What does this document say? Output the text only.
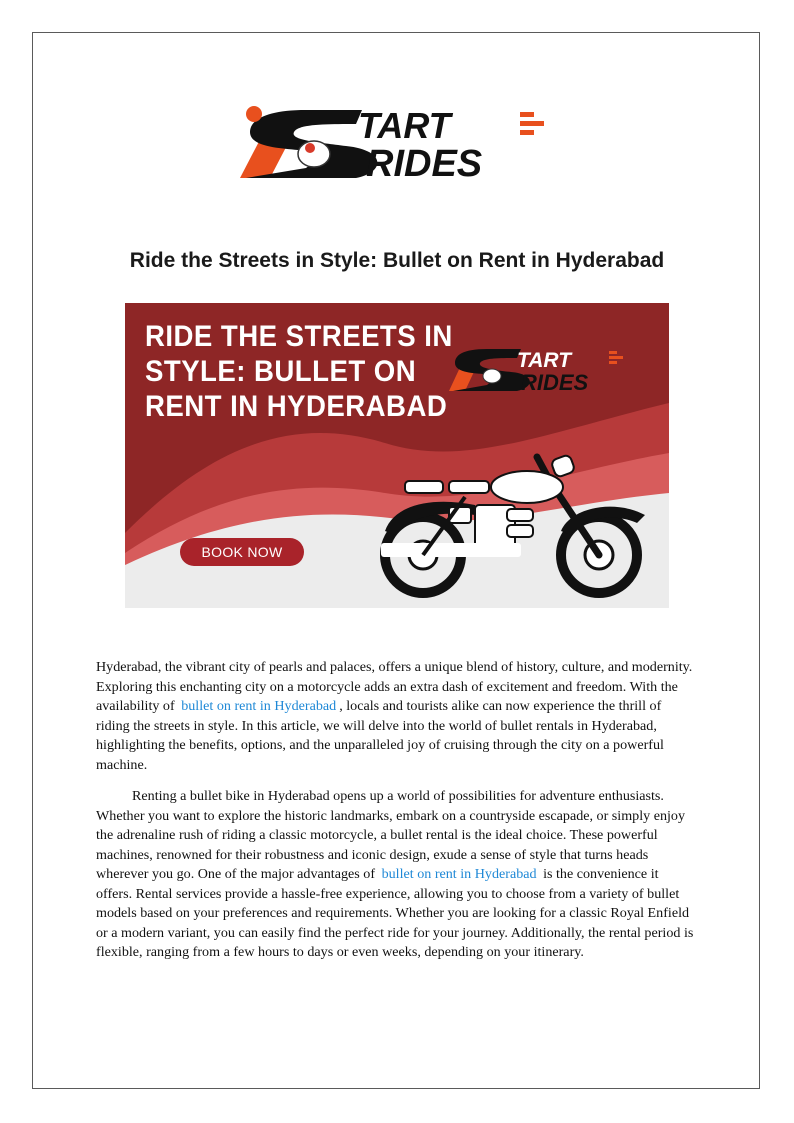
TART
RIDES
Ride the Streets in Style: Bullet on Rent in Hyderabad
RIDE THE STREETS IN
STYLE: BULLET ON
RENT IN HYDERABAD
TART
RIDES
BOOK NOW

Hyderabad, the vibrant city of pearls and palaces, offers a unique blend of history, culture, and modernity. Exploring this enchanting city on a motorcycle adds an extra dash of excitement and freedom. With the availability of bullet on rent in Hyderabad , locals and tourists alike can now experience the thrill of riding the streets in style. In this article, we will delve into the world of bullet rentals in Hyderabad, highlighting the benefits, options, and the unparalleled joy of cruising through the city on a powerful machine.

Renting a bullet bike in Hyderabad opens up a world of possibilities for adventure enthusiasts. Whether you want to explore the historic landmarks, embark on a countryside escapade, or simply enjoy the adrenaline rush of riding a classic motorcycle, a bullet rental is the ideal choice. These powerful machines, renowned for their robustness and iconic design, exude a sense of style that turns heads wherever you go. One of the major advantages of bullet on rent in Hyderabad is the convenience it offers. Rental services provide a hassle-free experience, allowing you to choose from a variety of bullet models based on your preferences and requirements. Whether you are looking for a classic Royal Enfield or a modern variant, you can easily find the perfect ride for your journey. Additionally, the rental period is flexible, ranging from a few hours to days or even weeks, depending on your itinerary.
